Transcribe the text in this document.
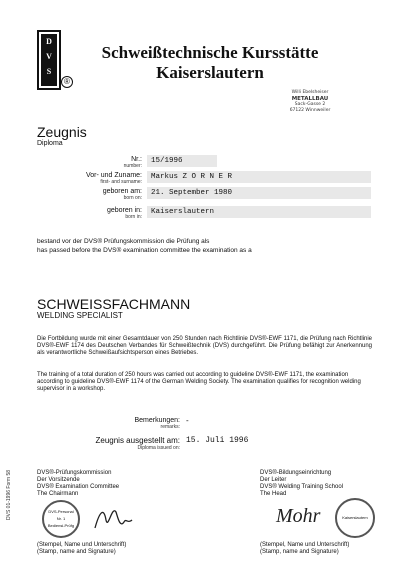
D
V
S
®
Schweißtechnische Kursstätte
Kaiserslautern
Willi Ebelsheiser
METALLBAU
Sack-Gasse 2
67122 Winnweiler
Zeugnis
Diploma
Nr.:
number:
15/1996
Vor- und Zuname:
first- and surname:
Markus Z O R N E R
geboren am:
born on:
21. September 1980
geboren in:
born in:
Kaiserslautern
bestand vor der DVS® Prüfungskommission die Prüfung als
has passed before the DVS® examination committee the examination as a
SCHWEISSFACHMANN
WELDING SPECIALIST
Die Fortbildung wurde mit einer Gesamtdauer von 250 Stunden nach Richtlinie DVS®-EWF 1171, die Prüfung nach Richtlinie DVS®-EWF 1174 des Deutschen Verbandes für Schweißtechnik (DVS) durchgeführt. Die Prüfung befähigt zur Anerkennung als verantwortliche Schweißaufsichtsperson eines Betriebes.
The training of a total duration of 250 hours was carried out according to guideline DVS®-EWF 1171, the examination according to guideline DVS®-EWF 1174 of the German Welding Society. The examination qualifies for recognition welding supervisor in a workshop.
Bemerkungen:
remarks:
-
Zeugnis ausgestellt am:
Diploma issued on:
15. Juli 1996
DVS®-Prüfungskommission
Der Vorsitzende
DVS® Examination Committee
The Chairmann
DVS-Personal
Nr. 1
Bediensi-Prüfg
(Stempel, Name und Unterschrift)
(Stamp, name and Signature)
DVS®-Bildungseinrichtung
Der Leiter
DVS® Welding Training School
The Head
Mohr	Kaiserslautern
(Stempel, Name und Unterschrift)
(Stamp, name and Signature)
DVS 01-1996 Form 58
